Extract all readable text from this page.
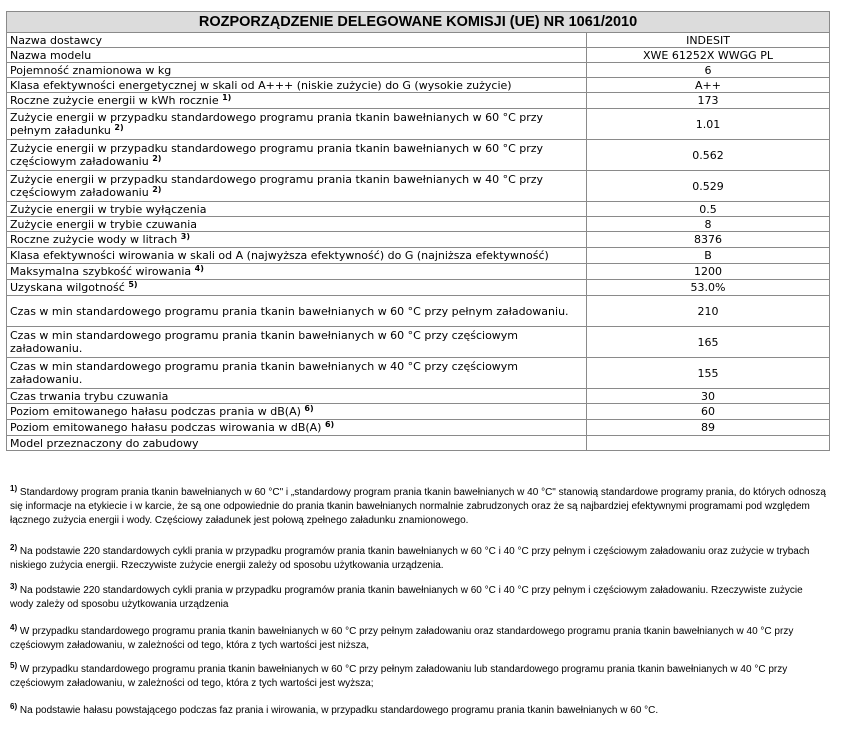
ROZPORZĄDZENIE DELEGOWANE KOMISJI (UE) NR 1061/2010	
Nazwa dostawcy	INDESIT
Nazwa modelu	XWE 61252X WWGG PL
Pojemność znamionowa w kg	6
Klasa efektywności energetycznej w skali od A+++ (niskie zużycie) do G (wysokie zużycie)	A++
Roczne zużycie energii w kWh rocznie $^{1)}$	173
Zużycie energii w przypadku standardowego programu prania tkanin bawełnianych w 60 °C przy pełnym załadunku $^{2)}$	1.01
Zużycie energii w przypadku standardowego programu prania tkanin bawełnianych w 60 °C przy częściowym załadowaniu $^{2)}$	0.562
Zużycie energii w przypadku standardowego programu prania tkanin bawełnianych w 40 °C przy częściowym załadowaniu $^{2)}$	0.529
Zużycie energii w trybie wyłączenia	0.5
Zużycie energii w trybie czuwania	8
Roczne zużycie wody w litrach $^{3)}$	8376
Klasa efektywności wirowania w skali od A (najwyższa efektywność) do G (najniższa efektywność)	B
Maksymalna szybkość wirowania $^{4)}$	1200
Uzyskana wilgotność $^{5)}$	53.0%
Czas w min standardowego programu prania tkanin bawełnianych w 60 °C przy pełnym załadowaniu.	210
Czas w min standardowego programu prania tkanin bawełnianych w 60 °C przy częściowym załadowaniu.	165
Czas w min standardowego programu prania tkanin bawełnianych w 40 °C przy częściowym załadowaniu.	155
Czas trwania trybu czuwania	30
Poziom emitowanego hałasu podczas prania w dB(A) $^{6)}$	60
Poziom emitowanego hałasu podczas wirowania w dB(A) $^{6)}$	89
Model przeznaczony do zabudowy	
$^{1)}$ Standardowy program prania tkanin bawełnianych w 60 °C" i „standardowy program prania tkanin bawełnianych w 40 °C" stanowią standardowe programy prania, do których odnoszą się informacje na etykiecie i w karcie, że są one odpowiednie do prania tkanin bawełnianych normalnie zabrudzonych oraz że są najbardziej efektywnymi programami pod względem łącznego zużycia energii i wody. Częściowy załadunek jest połową zpełnego załadunku znamionowego.
$^{2)}$ Na podstawie 220 standardowych cykli prania w przypadku programów prania tkanin bawełnianych w 60 °C i 40 °C przy pełnym i częściowym załadowaniu oraz zużycie w trybach niskiego zużycia energii. Rzeczywiste zużycie energii zależy od sposobu użytkowania urządzenia.
$^{3)}$ Na podstawie 220 standardowych cykli prania w przypadku programów prania tkanin bawełnianych w 60 °C i 40 °C przy pełnym i częściowym załadowaniu. Rzeczywiste zużycie wody zależy od sposobu użytkowania urządzenia
$^{4)}$ W przypadku standardowego programu prania tkanin bawełnianych w 60 °C przy pełnym załadowaniu oraz standardowego programu prania tkanin bawełnianych w 40 °C przy częściowym załadowaniu, w zależności od tego, która z tych wartości jest niższa,
$^{5)}$ W przypadku standardowego programu prania tkanin bawełnianych w 60 °C przy pełnym załadowaniu lub standardowego programu prania tkanin bawełnianych w 40 °C przy częściowym załadowaniu, w zależności od tego, która z tych wartości jest wyższa;
$^{6)}$ Na podstawie hałasu powstającego podczas faz prania i wirowania, w przypadku standardowego programu prania tkanin bawełnianych w 60 °C.
